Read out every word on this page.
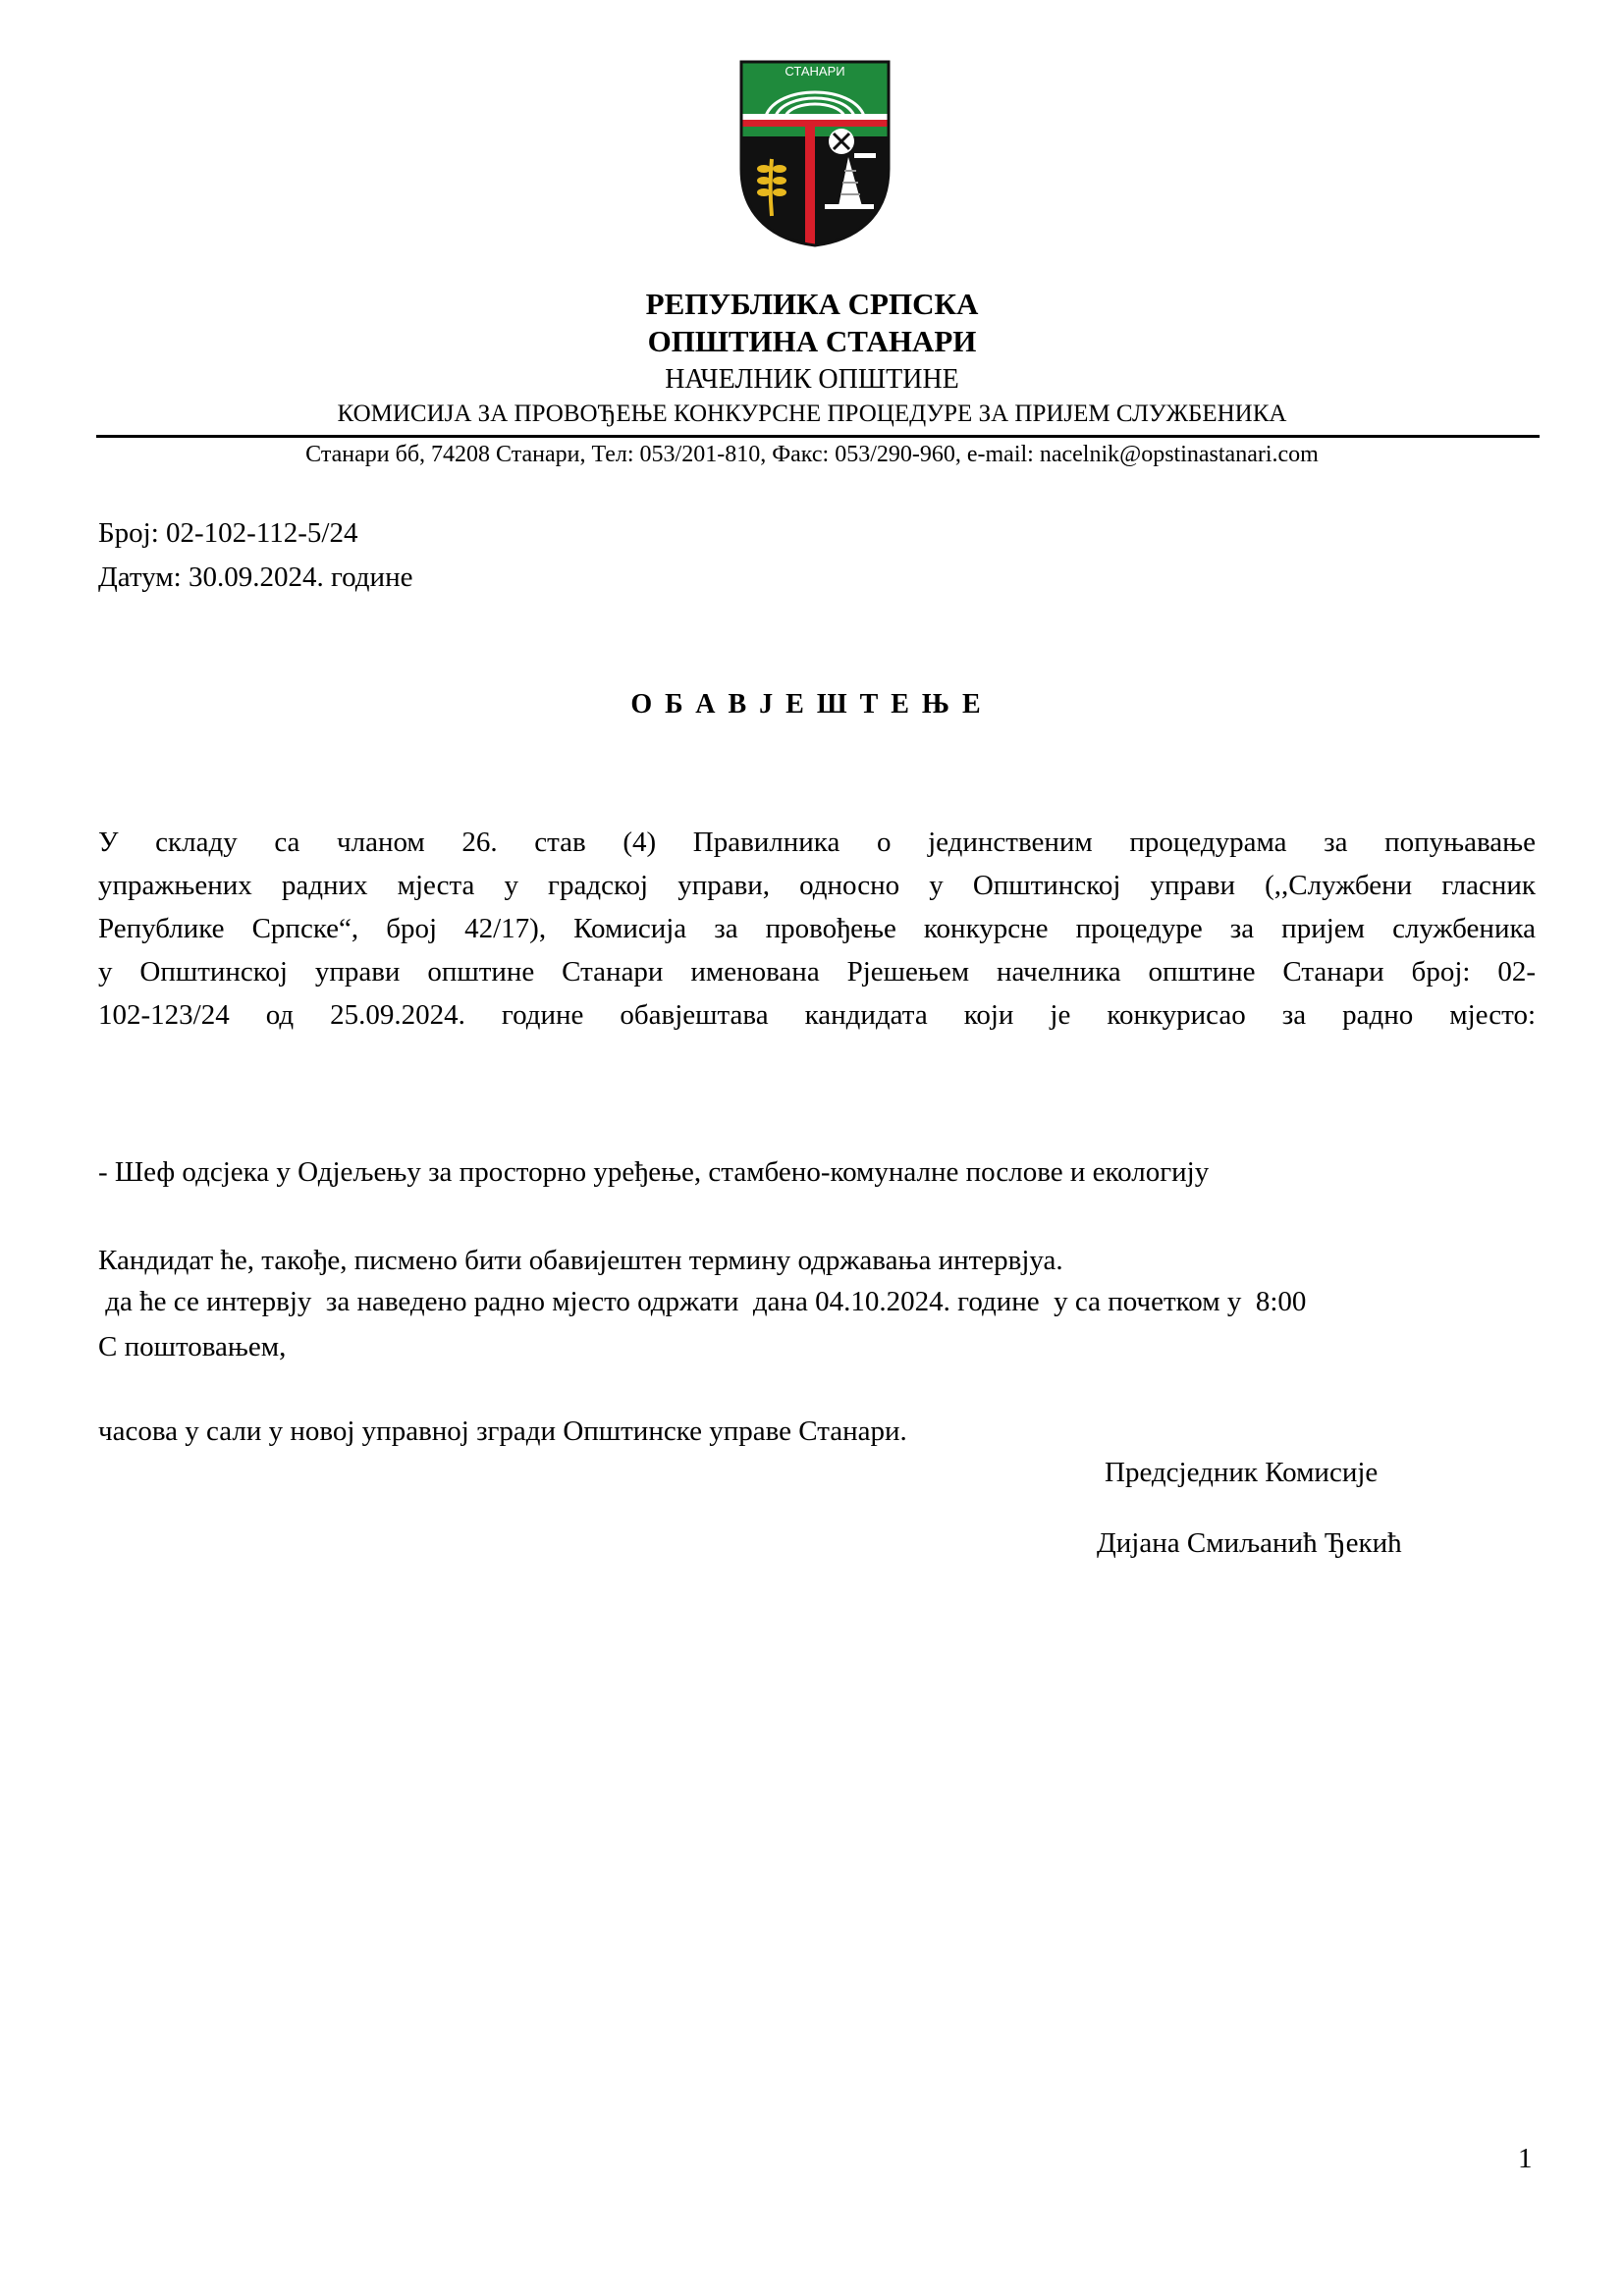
СТАНАРИ
РЕПУБЛИКА СРПСКА
ОПШТИНА СТАНАРИ
НАЧЕЛНИК ОПШТИНЕ
КОМИСИЈА ЗА ПРОВОЂЕЊЕ КОНКУРСНЕ ПРОЦЕДУРЕ ЗА ПРИЈЕМ СЛУЖБЕНИКА
Станари бб, 74208 Станари, Тел: 053/201-810, Факс: 053/290-960, e-mail: nacelnik@opstinastanari.com
Број: 02-102-112-5/24
Датум: 30.09.2024. године
ОБАВЈЕШТЕЊЕ
У складу са чланом 26. став (4) Правилника о јединственим процедурама за попуњавање
упражњених радних мјеста у градској управи, односно у Општинској управи (,,Службени гласник
Републике Српске“, број 42/17), Комисија за провођење конкурсне процедуре за пријем службеника
у Општинској управи општине Станари именована Рјешењем начелника општине Станари број: 02-
102-123/24 од 25.09.2024. године обавјештава кандидата који је конкурисао за радно мјесто:

- Шеф одсјека у Одјељењу за просторно уређење, стамбено-комуналне послове и екологију

да ће се интервју  за наведено радно мјесто одржати  дана 04.10.2024. године  у са почетком у  8:00

часова у сали у новој управној згради Општинске управе Станари.

Кандидат ће, такође, писмено бити обавијештен термину одржавања интервјуа.
С поштовањем,
Предсједник Комисије
Дијана Смиљанић Ђекић
1
